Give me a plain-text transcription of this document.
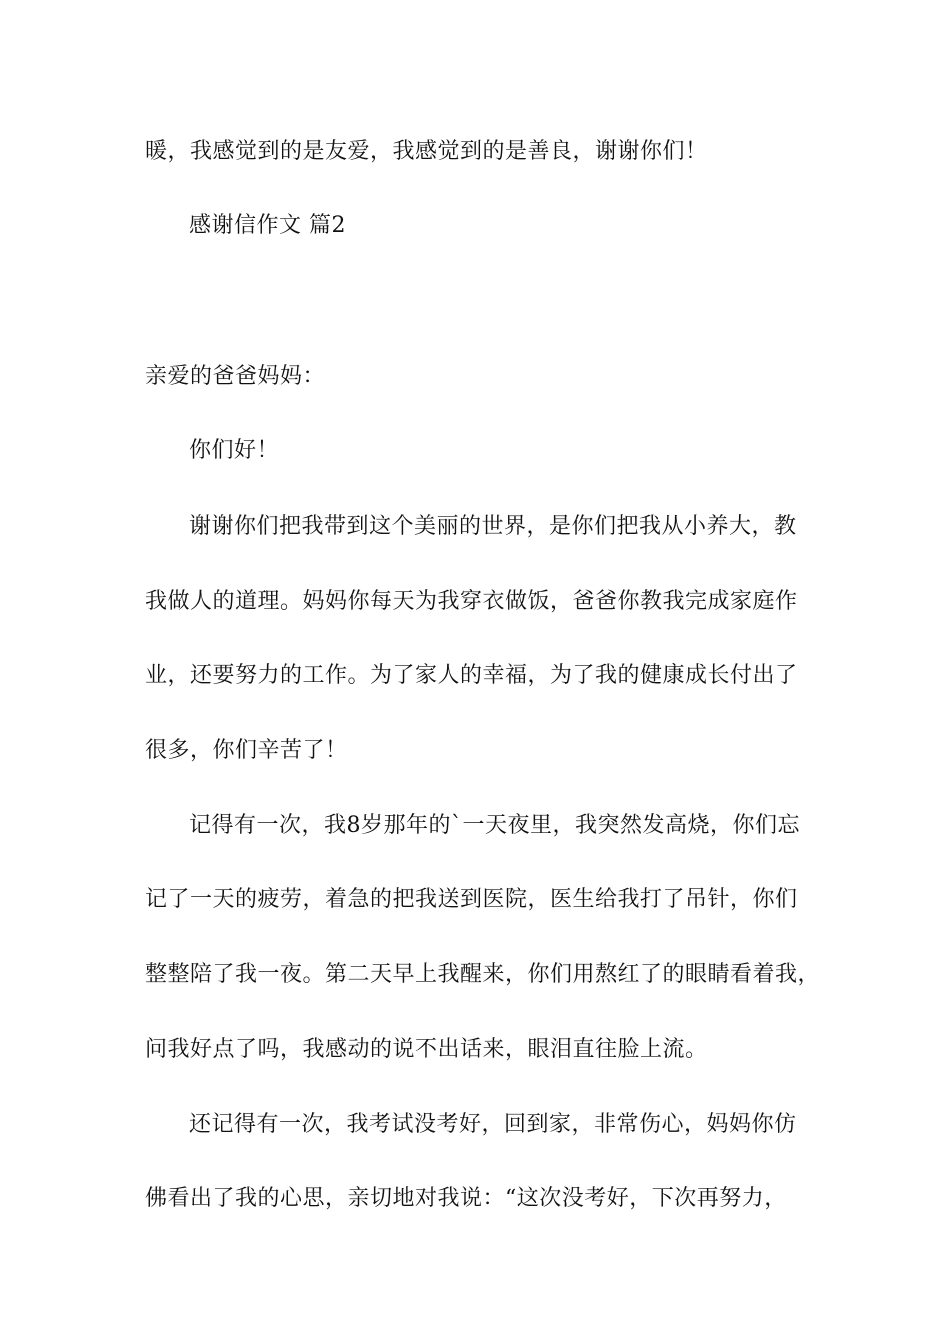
暖，我感觉到的是友爱，我感觉到的是善良，谢谢你们！
感谢信作文 篇2
亲爱的爸爸妈妈：
你们好！
谢谢你们把我带到这个美丽的世界，是你们把我从小养大，教
我做人的道理。妈妈你每天为我穿衣做饭，爸爸你教我完成家庭作
业，还要努力的工作。为了家人的幸福，为了我的健康成长付出了
很多，你们辛苦了！
记得有一次，我8岁那年的`一天夜里，我突然发高烧，你们忘
记了一天的疲劳，着急的把我送到医院，医生给我打了吊针，你们
整整陪了我一夜。第二天早上我醒来，你们用熬红了的眼睛看着我，
问我好点了吗，我感动的说不出话来，眼泪直往脸上流。
还记得有一次，我考试没考好，回到家，非常伤心，妈妈你仿
佛看出了我的心思，亲切地对我说：“这次没考好，下次再努力，
